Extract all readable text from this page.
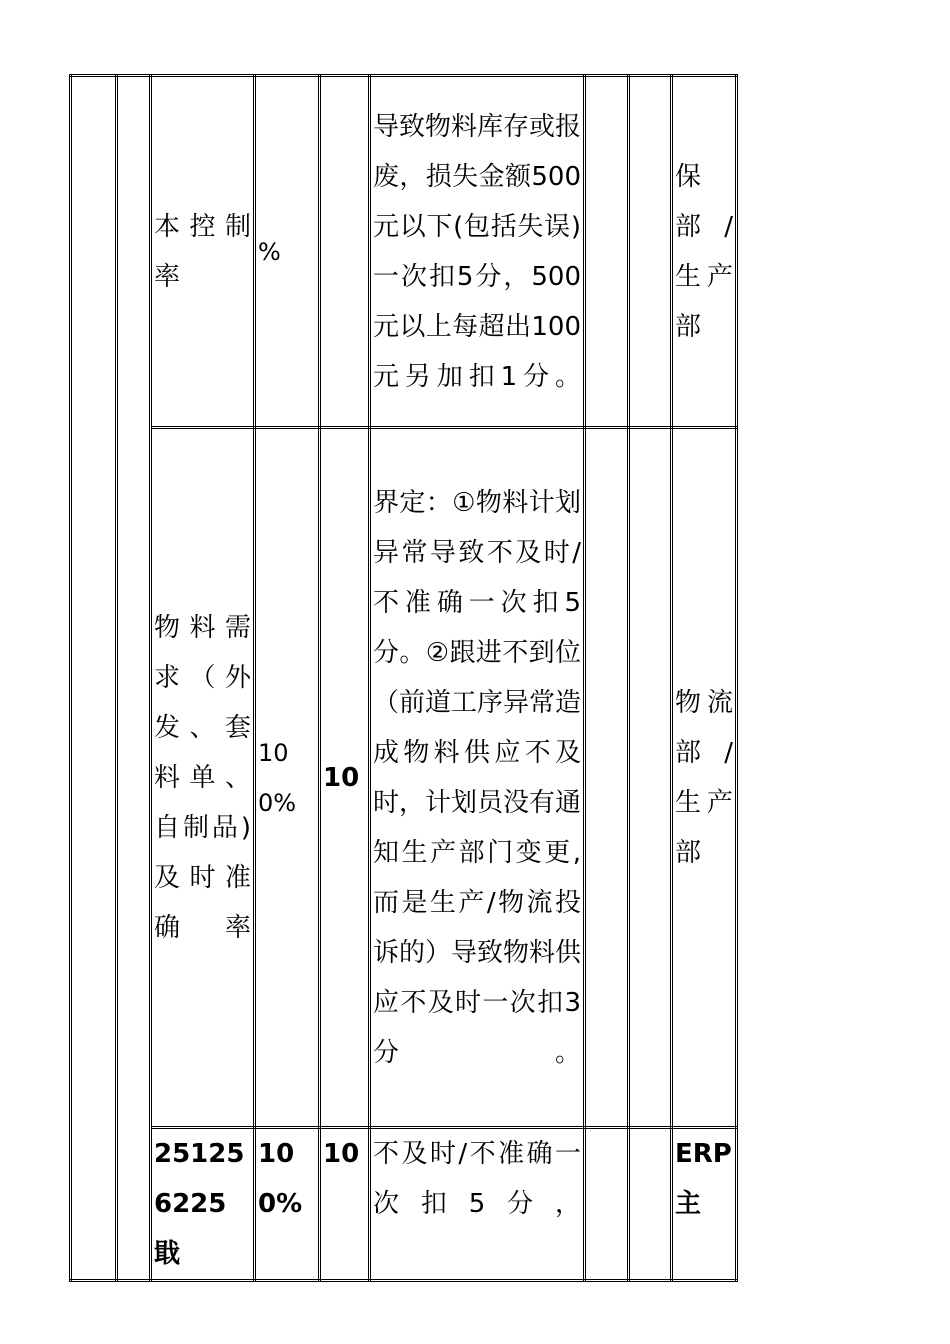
		本控制率	%		导致物料库存或报废，损失金额500元以下(包括失误)一次扣5分，500元以上每超出100元另加扣1分。			保部/生产部
		物料需求（外发、套料单、自制品)及时准确率	100%	10	界定：①物料计划异常导致不及时/不准确一次扣5分。②跟进不到位（前道工序异常造成物料供应不及时，计划员没有通知生产部门变更,而是生产/物流投诉的）导致物料供应不及时一次扣3分。			物流部/生产部
		251256225戢	100%	10	不及时/不准确一次扣5分，			ERP主
